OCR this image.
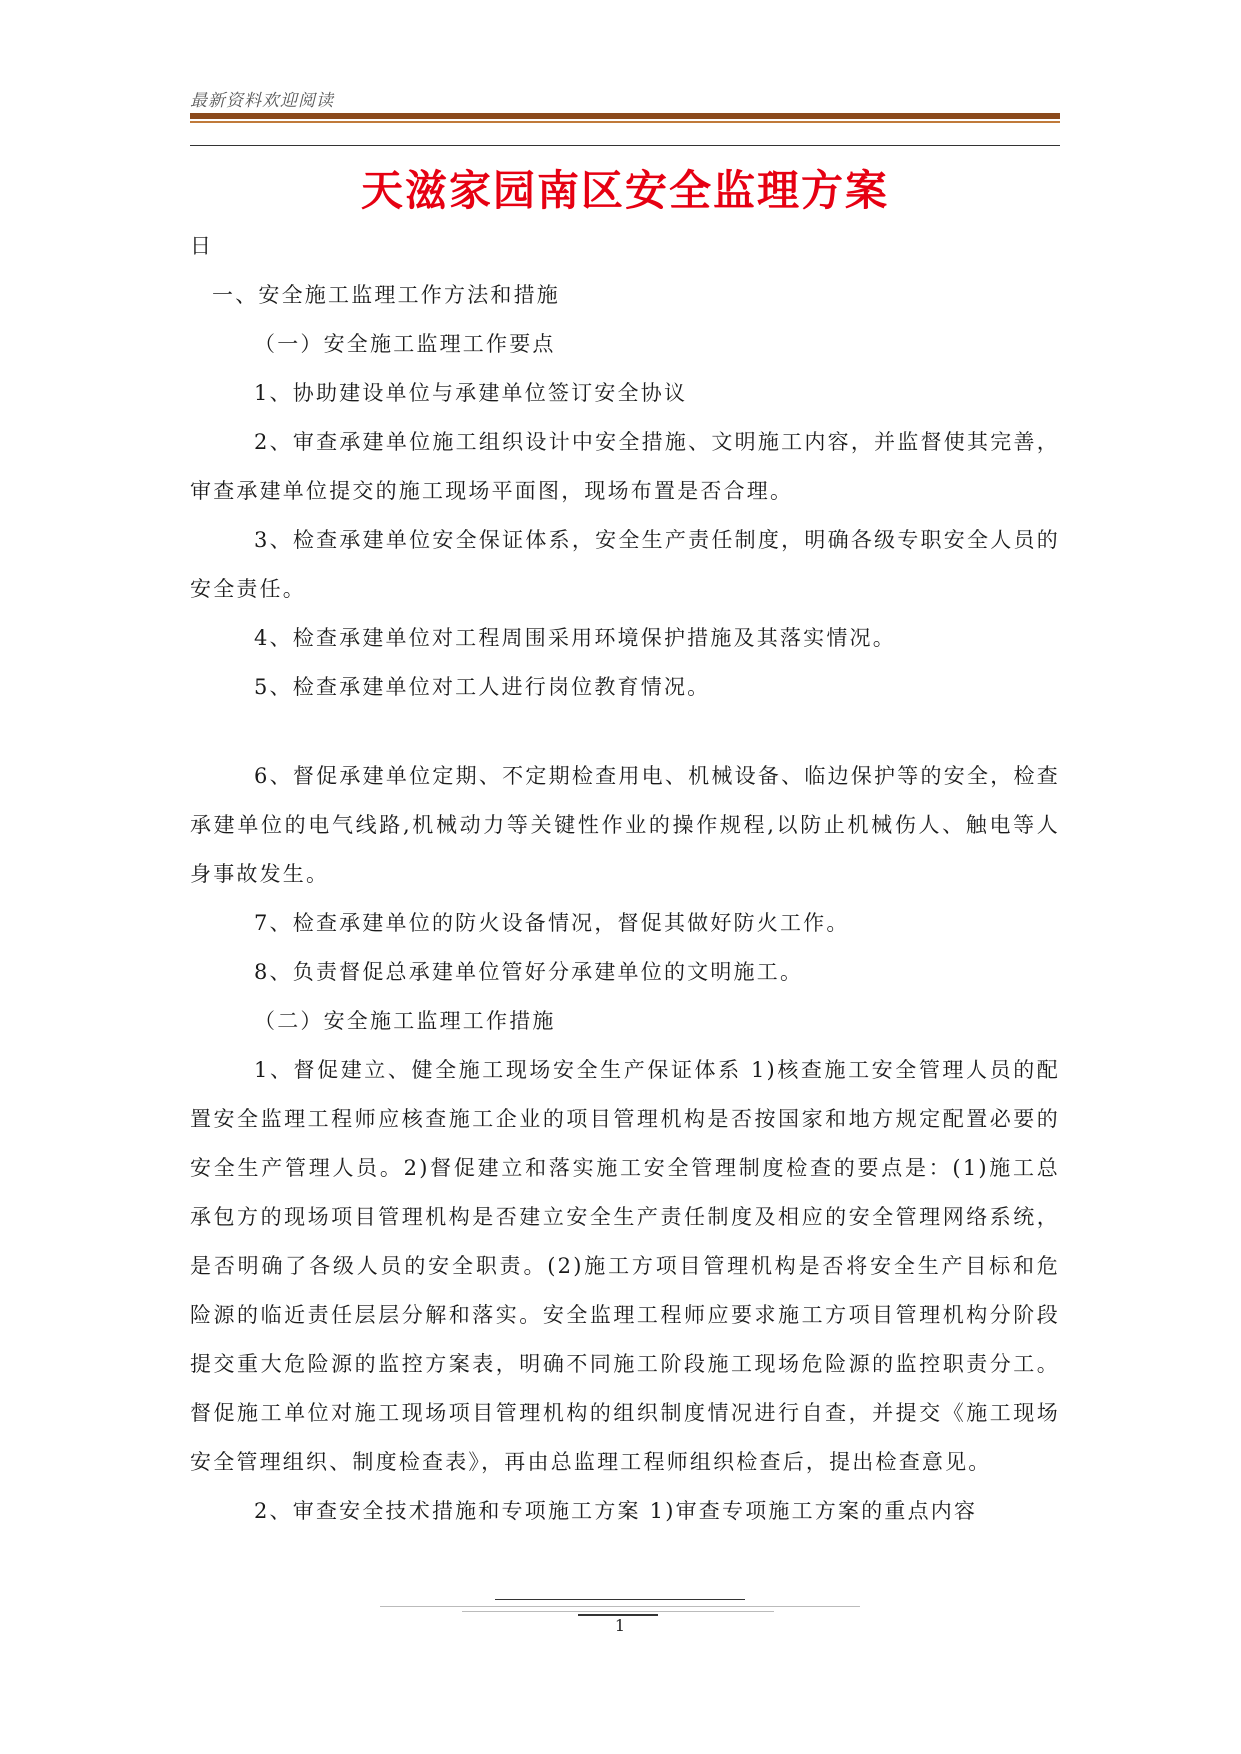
最新资料欢迎阅读
天滋家园南区安全监理方案

日

一、安全施工监理工作方法和措施

（一）安全施工监理工作要点

1、协助建设单位与承建单位签订安全协议

2、审查承建单位施工组织设计中安全措施、文明施工内容，并监督使其完善，审查承建单位提交的施工现场平面图，现场布置是否合理。

3、检查承建单位安全保证体系，安全生产责任制度，明确各级专职安全人员的安全责任。

4、检查承建单位对工程周围采用环境保护措施及其落实情况。

5、检查承建单位对工人进行岗位教育情况。

6、督促承建单位定期、不定期检查用电、机械设备、临边保护等的安全，检查承建单位的电气线路,机械动力等关键性作业的操作规程,以防止机械伤人、触电等人身事故发生。

7、检查承建单位的防火设备情况，督促其做好防火工作。

8、负责督促总承建单位管好分承建单位的文明施工。

（二）安全施工监理工作措施

1、督促建立、健全施工现场安全生产保证体系 1)核查施工安全管理人员的配置安全监理工程师应核查施工企业的项目管理机构是否按国家和地方规定配置必要的安全生产管理人员。2)督促建立和落实施工安全管理制度检查的要点是：(1)施工总承包方的现场项目管理机构是否建立安全生产责任制度及相应的安全管理网络系统，是否明确了各级人员的安全职责。(2)施工方项目管理机构是否将安全生产目标和危险源的临近责任层层分解和落实。安全监理工程师应要求施工方项目管理机构分阶段提交重大危险源的监控方案表，明确不同施工阶段施工现场危险源的监控职责分工。督促施工单位对施工现场项目管理机构的组织制度情况进行自查，并提交《施工现场安全管理组织、制度检查表》，再由总监理工程师组织检查后，提出检查意见。

2、审查安全技术措施和专项施工方案 1)审查专项施工方案的重点内容

1
